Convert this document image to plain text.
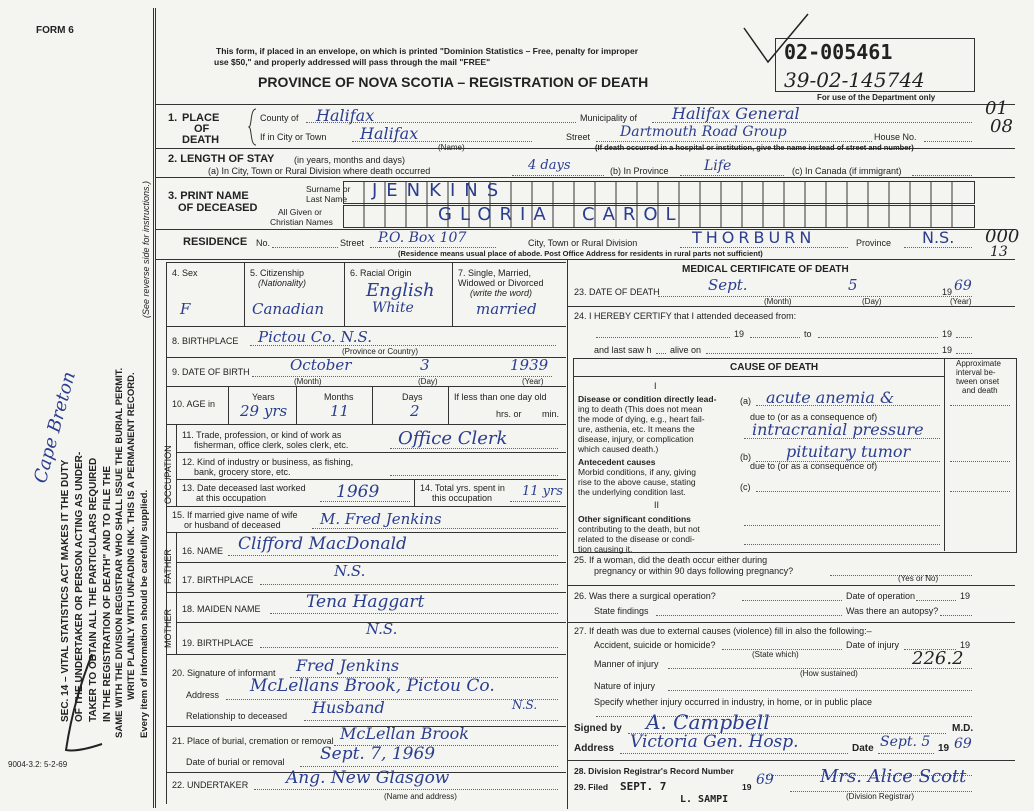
FORM 6
This form, if placed in an envelope, on which is printed "Dominion Statistics – Free, penalty for improper
use $50," and properly addressed will pass through the mail "FREE"
PROVINCE OF NOVA SCOTIA – REGISTRATION OF DEATH
02-005461
39-02-145744
For use of the Department only
01
08
000
13
SEC. 14 – VITAL STATISTICS ACT MAKES IT THE DUTY OF THE UNDERTAKER OR PERSON ACTING AS UNDER- TAKER TO OBTAIN ALL THE PARTICULARS REQUIRED IN THE REGISTRATION OF DEATH" AND TO FILE THE SAME WITH THE DIVISION REGISTRAR WHO SHALL ISSUE THE BURIAL PERMIT. WRITE PLAINLY WITH UNFADING INK. THIS IS A PERMANENT RECORD. Every item of information should be carefully supplied.
(See reverse side for instructions.)
Cape Breton
9004-3.2: 5-2-69
1. PLACE
OF
DEATH
County of Halifax	Municipality of Halifax General
If in City or Town Halifax
(Name)
Street Dartmouth Road Group	House No.
(If death occurred in a hospital or institution, give the name instead of street and number)
2. LENGTH OF STAY (in years, months and days)
(a) In City, Town or Rural Division where death occurred	4 days	(b) In Province	Life	(c) In Canada (if immigrant)
3. PRINT NAME
OF DECEASED
Surname or
Last Name
All Given or
Christian Names
JENKINS
GLORIA CAROL
RESIDENCE No.	Street P.O. Box 107	City, Town or Rural Division	THORBURN	Province N.S.
(Residence means usual place of abode. Post Office Address for residents in rural parts not sufficient)
4. Sex
F
5. Citizenship
(Nationality)
Canadian
6. Racial Origin
English
White
7. Single, Married,
Widowed or Divorced
(write the word)
married
8. BIRTHPLACE Pictou Co. N.S.
(Province or Country)
9. DATE OF BIRTH	October	3	1939
(Month)	(Day)	(Year)
10. AGE in
Years	Months	Days	If less than one day old
hrs. or min.
29 yrs	11	2
OCCUPATION
11. Trade, profession, or kind of work as
fisherman, office clerk, soles clerk, etc.	Office Clerk
12. Kind of industry or business, as fishing,
bank, grocery store, etc.
13. Date deceased last worked
at this occupation	1969	14. Total yrs. spent in
this occupation 11 yrs
15. If married give name of wife
or husband of deceased	M. Fred Jenkins
FATHER 16. NAME Clifford MacDonald
17. BIRTHPLACE	N.S.
MOTHER 18. MAIDEN NAME	Tena Haggart
19. BIRTHPLACE
N.S.
20. Signature of informant Fred Jenkins
Address McLellans Brook, Pictou Co.
N.S.
Relationship to deceased Husband
21. Place of burial, cremation or removal McLellan Brook
Date of burial or removal Sept. 7, 1969
22. UNDERTAKER Ang. New Glasgow
(Name and address)
MEDICAL CERTIFICATE OF DEATH
23. DATE OF DEATH	Sept.	5	19 69
(Month)	(Day)	(Year)
24. I HEREBY CERTIFY that I attended deceased from:
19	to	19
and last saw h alive on	19
CAUSE OF DEATH	Approximate
interval be-
tween onset
and death
I
Disease or condition directly lead-
ing to death (This does not mean
the mode of dying, e.g., heart fail-
ure, asthenia, etc. It means the
disease, injury, or complication
which caused death.)
Antecedent causes
Morbid conditions, if any, giving
rise to the above cause, stating
the underlying condition last.
(a) acute anemia &
due to (or as a consequence of)
intracranial pressure
(b) pituitary tumor
due to (or as a consequence of)
(c)
II
Other significant conditions
contributing to the death, but not
related to the disease or condi-
tion causing it.
25. If a woman, did the death occur either during
pregnancy or within 90 days following pregnancy?
(Yes or No)
26. Was there a surgical operation?	Date of operation	19
State findings	Was there an autopsy?
27. If death was due to external causes (violence) fill in also the following:–
Accident, suicide or homicide?
(State which)
Date of injury	19
Manner of injury	226.2
(How sustained)
Nature of injury
Specify whether injury occurred in industry, in home, or in public place
Signed by A. Campbell	M.D.
Address Victoria Gen. Hosp.	Date Sept. 5 19 69
28. Division Registrar's Record Number
29. Filed SEPT. 7	19 69	Mrs. Alice Scott
(Division Registrar)
L. SAMPI
